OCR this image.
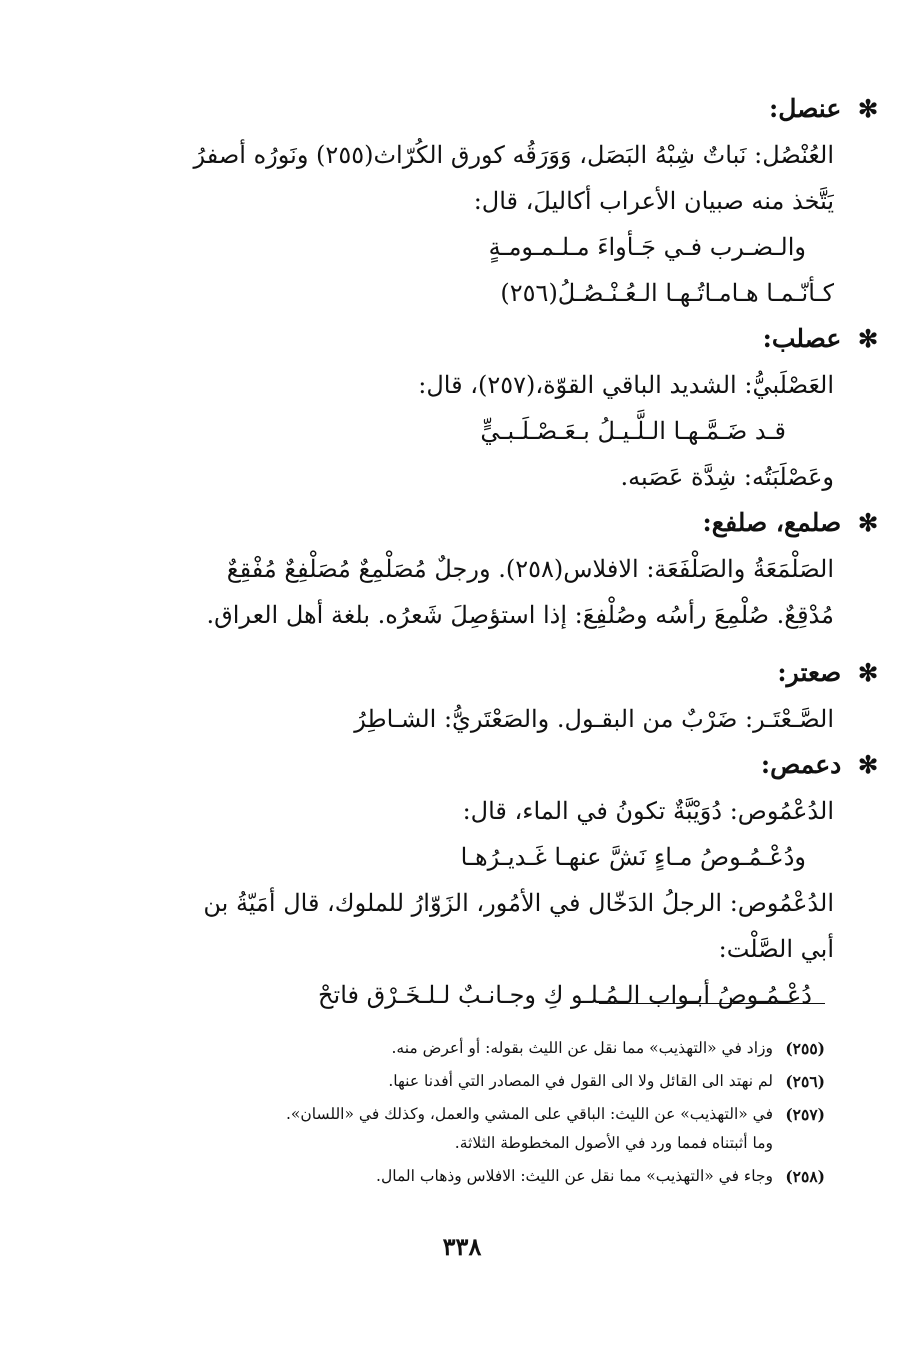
✻ عنصل:
العُنْصُل: نَباتٌ شِبْهُ البَصَل، وَوَرَقُه كورق الكُرّاث(٢٥٥) ونَورُه أصفرُ
يَتَّخذ منه صبيان الأعراب أكاليلَ، قال:
والـضـرب فـي جَـأواءَ مـلـمـومـةٍ
كـأنّـمـا هـامـاتُـهـا الـعُـنْـصُـلُ(٢٥٦)
✻ عصلب:
العَصْلَبيُّ: الشديد الباقي القوّة،(٢٥٧)، قال:
قـد ضَـمَّـهـا الـلَّـيـلُ بـعَـصْـلَـبـيٍّ
وعَصْلَبَتُه: شِدَّة عَصَبه.
✻ صلمع، صلفع:
الصَلْمَعَةُ والصَلْفَعَة: الافلاس(٢٥٨). ورجلٌ مُصَلْمِعٌ مُصَلْفِعٌ مُفْقِعٌ
مُدْقِعٌ. صُلْمِعَ رأسُه وصُلْفِعَ: إذا استؤصِلَ شَعرُه. بلغة أهل العراق.
✻ صعتر:
الصَّـعْتَـر: ضَرْبٌ من البقـول. والصَعْتَريُّ: الشـاطِرُ
✻ دعمص:
الدُعْمُوص: دُوَيْبَّةٌ تكونُ في الماء، قال:
ودُعْـمُـوصُ مـاءٍ نَشَّ عنهـا غَـديـرُهـا
الدُعْمُوص: الرجلُ الدَخّال في الأمُور، الزَوّارُ للملوك، قال أمَيّةُ بن
أبي الصَّلْت:
دُعْـمُـوصُ أبـواب الـمُـلـو كِ وجـانـبٌ لـلـخَـرْق فاتحْ
(٢٥٥)
وزاد في «التهذيب» مما نقل عن الليث بقوله: أو أعرض منه.
(٢٥٦)
لم نهتد الى القائل ولا الى القول في المصادر التي أفدنا عنها.
(٢٥٧)
في «التهذيب» عن الليث: الباقي على المشي والعمل، وكذلك في «اللسان».
وما أثبتناه فمما ورد في الأصول المخطوطة الثلاثة.
(٢٥٨)
وجاء في «التهذيب» مما نقل عن الليث: الافلاس وذهاب المال.
٣٣٨
